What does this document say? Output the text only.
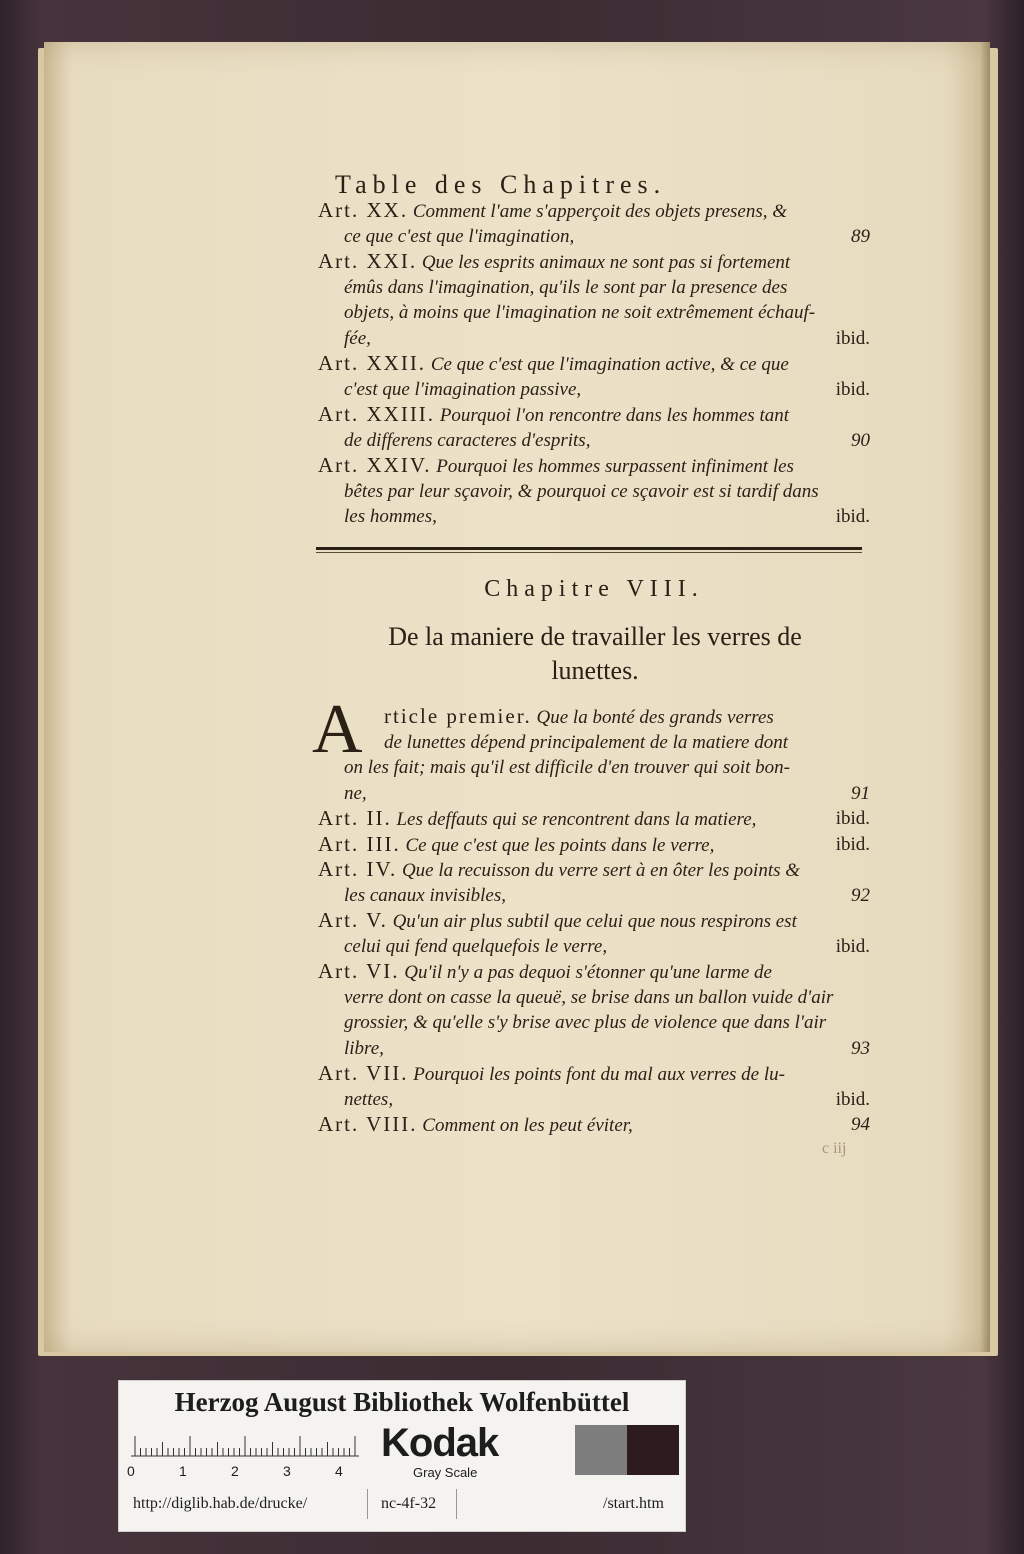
Table des Chapitres.
Art. XX. Comment l'ame s'apperçoit des objets presens, &
ce que c'est que l'imagination,	89
Art. XXI. Que les esprits animaux ne sont pas si fortement
émûs dans l'imagination, qu'ils le sont par la presence des
objets, à moins que l'imagination ne soit extrêmement échauf-
fée,	ibid.
Art. XXII. Ce que c'est que l'imagination active, & ce que
c'est que l'imagination passive,	ibid.
Art. XXIII. Pourquoi l'on rencontre dans les hommes tant
de differens caracteres d'esprits,	90
Art. XXIV. Pourquoi les hommes surpassent infiniment les
bêtes par leur sçavoir, & pourquoi ce sçavoir est si tardif dans
les hommes,	ibid.
Chapitre VIII.
De la maniere de travailler les verres de
lunettes.
A rticle premier. Que la bonté des grands verres
de lunettes dépend principalement de la matiere dont
on les fait; mais qu'il est difficile d'en trouver qui soit bon-
ne,	91
Art. II. Les deffauts qui se rencontrent dans la matiere,	ibid.
Art. III. Ce que c'est que les points dans le verre,	ibid.
Art. IV. Que la recuisson du verre sert à en ôter les points &
les canaux invisibles,	92
Art. V. Qu'un air plus subtil que celui que nous respirons est
celui qui fend quelquefois le verre,	ibid.
Art. VI. Qu'il n'y a pas dequoi s'étonner qu'une larme de
verre dont on casse la queuë, se brise dans un ballon vuide d'air
grossier, & qu'elle s'y brise avec plus de violence que dans l'air
libre,	93
Art. VII. Pourquoi les points font du mal aux verres de lu-
nettes,	ibid.
Art. VIII. Comment on les peut éviter,	94
c iij
Herzog August Bibliothek Wolfenbüttel
0	1	2	3	4
Kodak
Gray Scale
http://diglib.hab.de/drucke/	nc-4f-32	/start.htm
